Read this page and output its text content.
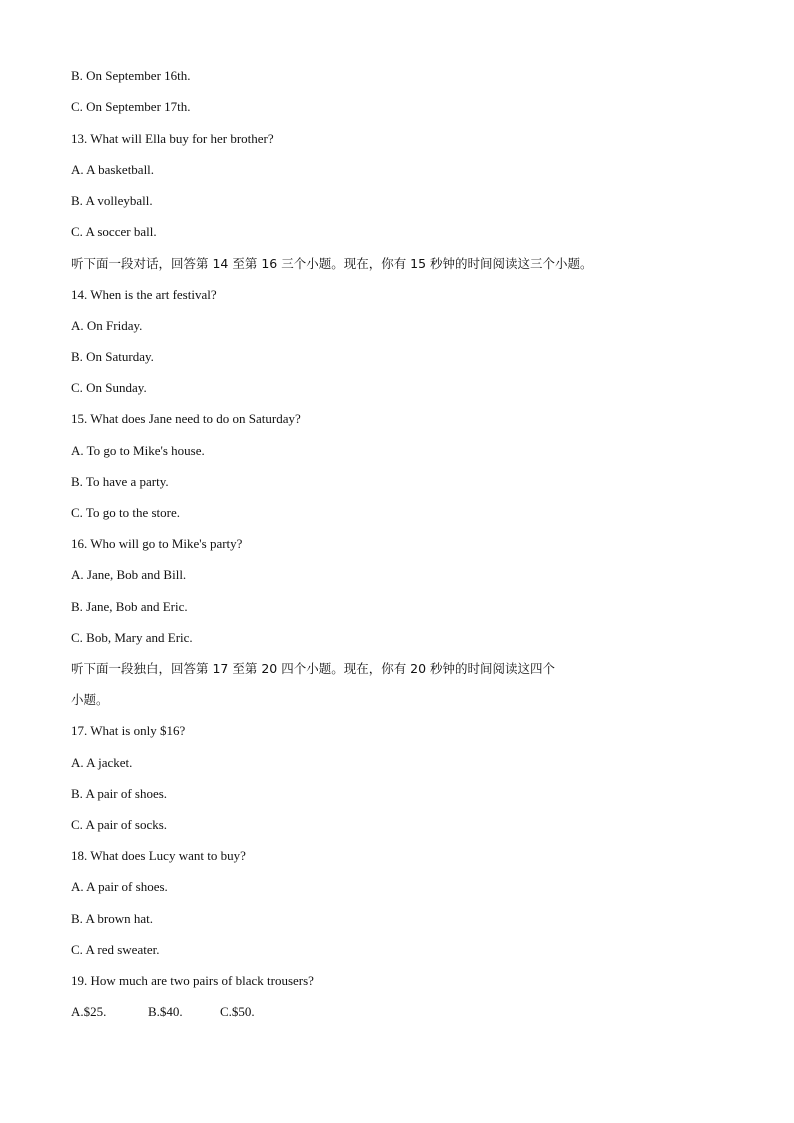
B. On September 16th.
C. On September 17th.
13. What will Ella buy for her brother?
A. A basketball.
B. A volleyball.
C. A soccer ball.
听下面一段对话，回答第 14 至第 16 三个小题。现在，你有 15 秒钟的时间阅读这三个小题。
14. When is the art festival?
A. On Friday.
B. On Saturday.
C. On Sunday.
15. What does Jane need to do on Saturday?
A. To go to Mike's house.
B. To have a party.
C. To go to the store.
16. Who will go to Mike's party?
A. Jane, Bob and Bill.
B. Jane, Bob and Eric.
C. Bob, Mary and Eric.
听下面一段独白，回答第 17 至第 20 四个小题。现在，你有 20 秒钟的时间阅读这四个
小题。
17. What is only $16?
A. A jacket.
B. A pair of shoes.
C. A pair of socks.
18. What does Lucy want to buy?
A. A pair of shoes.
B. A brown hat.
C. A red sweater.
19. How much are two pairs of black trousers?
A.$25.	B.$40.	C.$50.
